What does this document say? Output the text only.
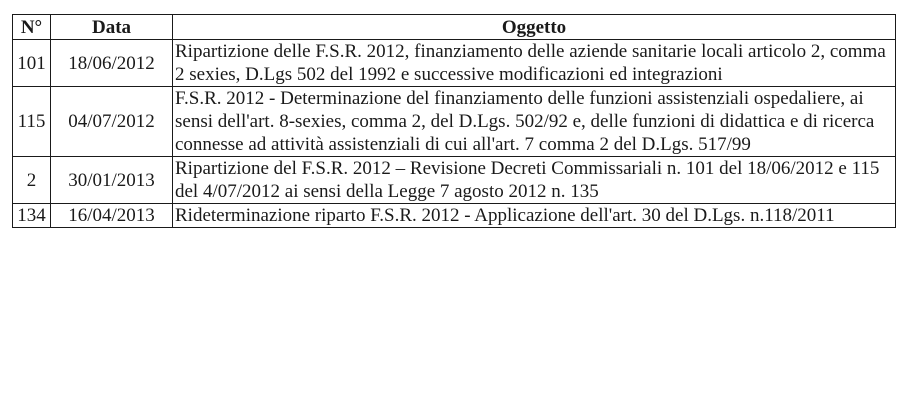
N°	Data	Oggetto
101	18/06/2012	Ripartizione delle F.S.R. 2012, finanziamento delle aziende sanitarie locali articolo 2, comma 2 sexies, D.Lgs 502 del 1992 e successive modificazioni ed integrazioni
115	04/07/2012	F.S.R. 2012 - Determinazione del finanziamento delle funzioni assistenziali ospedaliere, ai sensi dell'art. 8-sexies, comma 2, del D.Lgs. 502/92 e, delle funzioni di didattica e di ricerca connesse ad attività assistenziali di cui all'art. 7 comma 2 del D.Lgs. 517/99
2	30/01/2013	Ripartizione del F.S.R. 2012 – Revisione Decreti Commissariali n. 101 del 18/06/2012 e 115 del 4/07/2012 ai sensi della Legge 7 agosto 2012 n. 135
134	16/04/2013	Rideterminazione riparto F.S.R. 2012 - Applicazione dell'art. 30 del D.Lgs. n.118/2011
